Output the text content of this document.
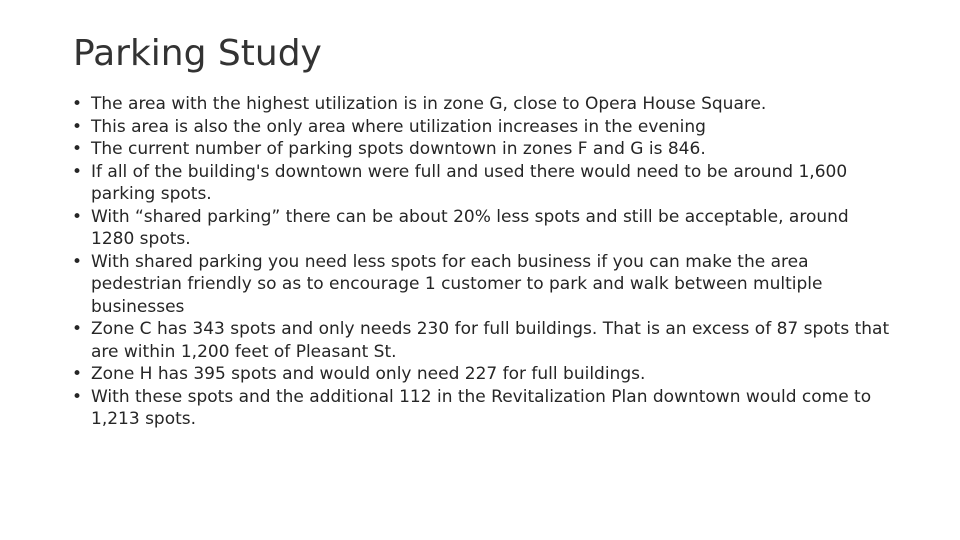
Parking Study
• The area with the highest utilization is in zone G, close to Opera House Square.
• This area is also the only area where utilization increases in the evening
• The current number of parking spots downtown in zones F and G is 846.
• If all of the building's downtown were full and used there would need to be around 1,600 parking spots.
• With “shared parking” there can be about 20% less spots and still be acceptable, around 1280 spots.
• With shared parking you need less spots for each business if you can make the area pedestrian friendly so as to encourage 1 customer to park and walk between multiple businesses
• Zone C has 343 spots and only needs 230 for full buildings. That is an excess of 87 spots that are within 1,200 feet of Pleasant St.
• Zone H has 395 spots and would only need 227 for full buildings.
• With these spots and the additional 112 in the Revitalization Plan downtown would come to 1,213 spots.
